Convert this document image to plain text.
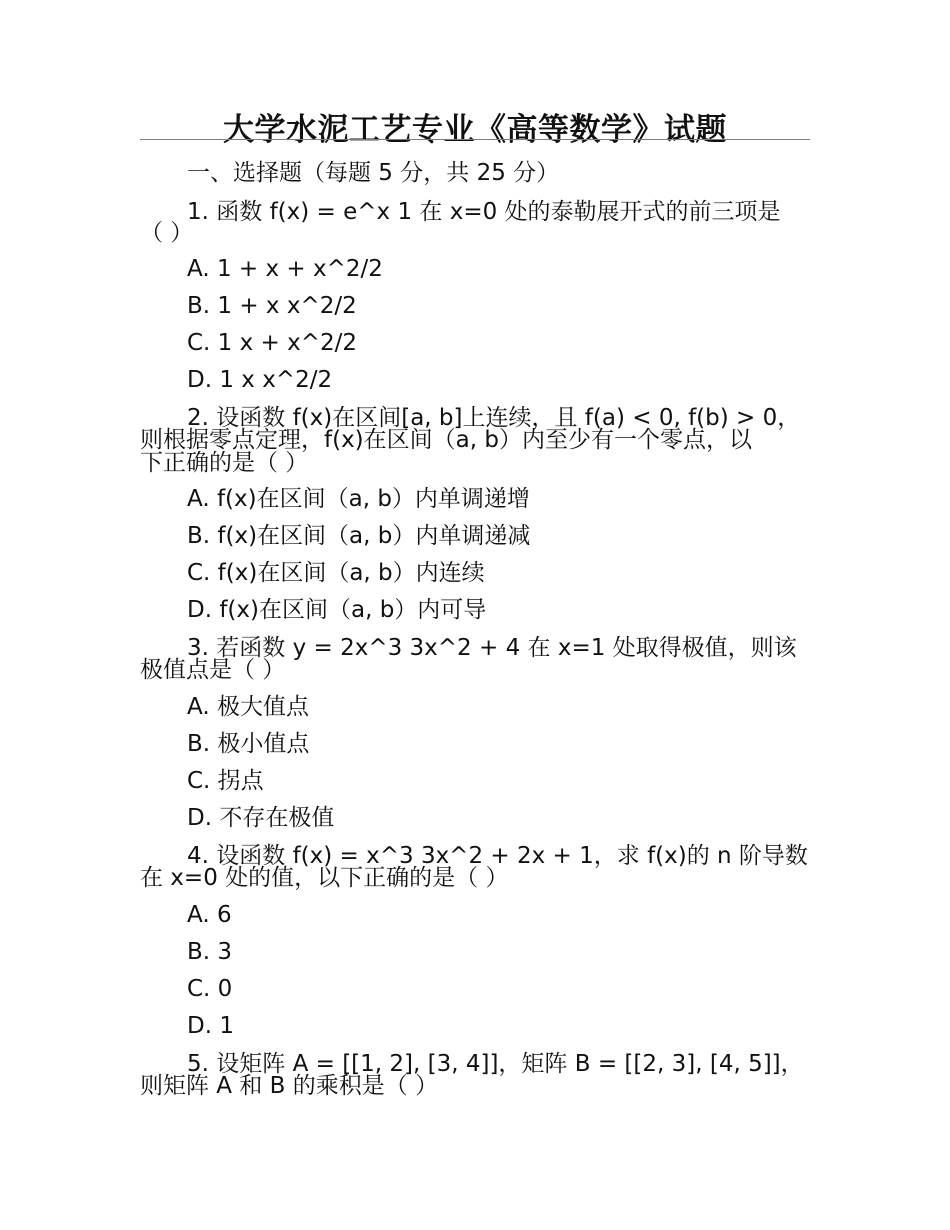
大学水泥工艺专业《高等数学》试题
一、选择题（每题 5 分，共 25 分）
1. 函数 f(x) = e^x 1 在 x=0 处的泰勒展开式的前三项是
（ ）
A. 1 + x + x^2/2
B. 1 + x x^2/2
C. 1 x + x^2/2
D. 1 x x^2/2
2. 设函数 f(x)在区间[a, b]上连续，且 f(a) < 0, f(b) > 0，
则根据零点定理，f(x)在区间（a, b）内至少有一个零点，以
下正确的是（ ）
A. f(x)在区间（a, b）内单调递增
B. f(x)在区间（a, b）内单调递减
C. f(x)在区间（a, b）内连续
D. f(x)在区间（a, b）内可导
3. 若函数 y = 2x^3 3x^2 + 4 在 x=1 处取得极值，则该
极值点是（ ）
A. 极大值点
B. 极小值点
C. 拐点
D. 不存在极值
4. 设函数 f(x) = x^3 3x^2 + 2x + 1，求 f(x)的 n 阶导数
在 x=0 处的值，以下正确的是（ ）
A. 6
B. 3
C. 0
D. 1
5. 设矩阵 A = [[1, 2], [3, 4]]，矩阵 B = [[2, 3], [4, 5]]，
则矩阵 A 和 B 的乘积是（ ）
